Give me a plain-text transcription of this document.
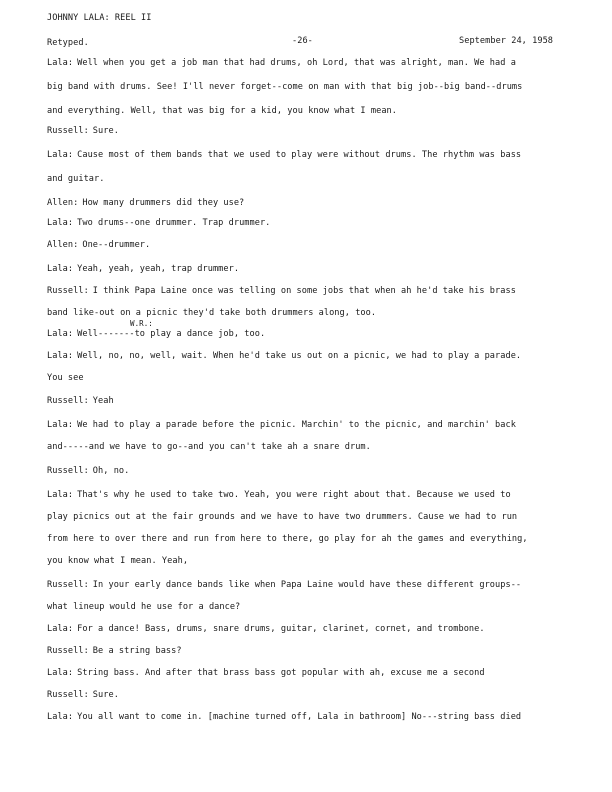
JOHNNY LALA: REEL II
Retyped.	-26-	September 24, 1958
Lala: Well when you get a job man that had drums, oh Lord, that was alright, man. We had a
big band with drums. See! I'll never forget--come on man with that big job--big band--drums
and everything. Well, that was big for a kid, you know what I mean.
Russell: Sure.
Lala: Cause most of them bands that we used to play were without drums. The rhythm was bass
and guitar.
Allen: How many drummers did they use?
Lala: Two drums--one drummer. Trap drummer.
Allen: One--drummer.
Lala: Yeah, yeah, yeah, trap drummer.
Russell: I think Papa Laine once was telling on some jobs that when ah he'd take his brass
band like-out on a picnic they'd take both drummers along, too.
Lala: Well-------to play a dance job, too.
W.R.:
Lala: Well, no, no, well, wait. When he'd take us out on a picnic, we had to play a parade.
You see
Russell: Yeah
Lala: We had to play a parade before the picnic. Marchin' to the picnic, and marchin' back
and-----and we have to go--and you can't take ah a snare drum.
Russell: Oh, no.
Lala: That's why he used to take two. Yeah, you were right about that. Because we used to
play picnics out at the fair grounds and we have to have two drummers. Cause we had to run
from here to over there and run from here to there, go play for ah the games and everything,
you know what I mean. Yeah,
Russell: In your early dance bands like when Papa Laine would have these different groups--
what lineup would he use for a dance?
Lala: For a dance! Bass, drums, snare drums, guitar, clarinet, cornet, and trombone.
Russell: Be a string bass?
Lala: String bass. And after that brass bass got popular with ah, excuse me a second
Russell: Sure.
Lala: You all want to come in. [machine turned off, Lala in bathroom] No---string bass died
